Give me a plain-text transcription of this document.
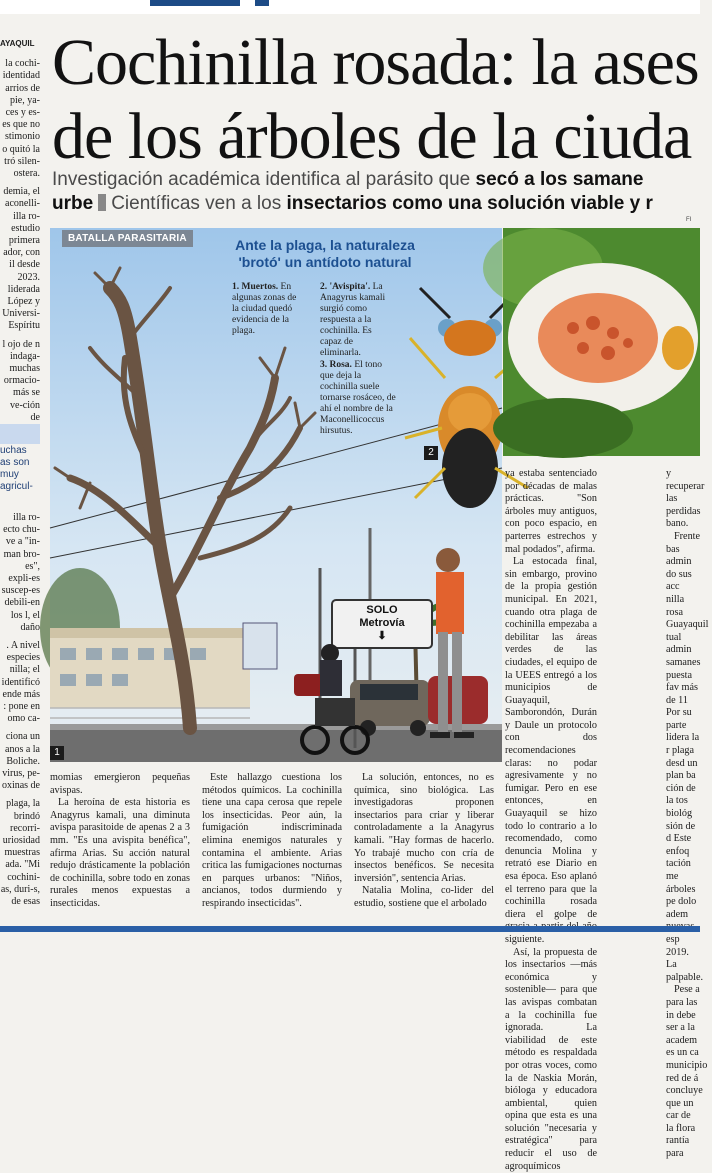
AYAQUIL

la cochi-identidad arrios de pie, ya-ces y es-es que no stimonio o quitó la tró silen-ostera.

demia, el aconelli-illa ro-estudio primera ador, con il desde 2023. liderada López y Universi-Espíritu

l ojo de n indaga-muchas ormacio-más se ve-ción de

uchas as son muy agricul-

illa ro-ecto chu-ve a "in-man bro-es", expli-es suscep-es debili-en los l, el daño

. A nivel especies nilla; el identificó ende más : pone en omo ca-

ciona un anos a la Boliche. virus, pe-oxinas de

plaga, la brindó recorri-uriosidad muestras ada. "Mi cochini-as, duri-s, de esas

Cochinilla rosada: la ases
de los árboles de la ciuda
Investigación académica identifica al parásito que secó a los samane
urbe Científicas ven a los insectarios como una solución viable y r
FI
BATALLA PARASITARIA	Ante la plaga, la naturaleza 'brotó' un antídoto natural
1. Muertos. En algunas zonas de la ciudad quedó evidencia de la plaga.
2. 'Avispita'. La Anagyrus kamali surgió como respuesta a la cochinilla. Es capaz de eliminarla.
3. Rosa. El tono que deja la cochinilla suele tornarse rosáceo, de ahí el nombre de la Maconellicoccus hirsutus.
SOLO
Metrovía
⬇
1
2

ya estaba sentenciado por décadas de malas prácticas. "Son árboles muy antiguos, con poco espacio, en parterres estrechos y mal podados", afirma.

La estocada final, sin embargo, provino de la propia gestión municipal. En 2021, cuando otra plaga de cochinilla empezaba a debilitar las áreas verdes de las ciudades, el equipo de la UEES entregó a los municipios de Guayaquil, Samborondón, Durán y Daule un protocolo con dos recomendaciones claras: no podar agresivamente y no fumigar. Pero en ese entonces, en Guayaquil se hizo todo lo contrario a lo recomendado, como denuncia Molina y retrató ese Diario en esa época. Eso aplanó el terreno para que la cochinilla rosada diera el golpe de siguiente.

Así, la propuesta de los insectarios —más económica y sostenible— para que las avispas combatan a la cochinilla fue ignorada. La viabilidad de este método es respaldada por otras voces, como la de Naskia Morán, bióloga y educadora ambiental, quien opina que esta es una solución "necesaria y estratégica" para reducir el uso de agroquímicos

y recuperar las perdidas bano.

Frente bas admin do sus acc nilla rosa Guayaquil tual admin samanes puesta fav más de 11 Por su parte lidera la r plaga desd un plan ba ción de la tos biológ sión de d Este enfoq tación me árboles pe dolo adem esp 2019. La palpable.

Pese a para las in debe ser a la academ es un ca municipio red de á concluye que un car de la flora rantía para

momias emergieron pequeñas avispas.

La heroína de esta historia es Anagyrus kamali, una diminuta avispa parasitoide de apenas 2 a 3 mm. "Es una avispita benéfica", afirma Arias. Su acción natural redujo drásticamente la población de cochinilla, sobre todo en zonas rurales menos expuestas a insecticidas.

Este hallazgo cuestiona los métodos químicos. La cochinilla tiene una capa cerosa que repele los insecticidas. Peor aún, la fumigación indiscriminada elimina enemigos naturales y contamina el ambiente. Arias critica las fumigaciones nocturnas en parques urbanos: "Niños, ancianos, todos durmiendo y respirando insecticidas".

La solución, entonces, no es química, sino biológica. Las investigadoras proponen insectarios para criar y liberar controladamente a la Anagyrus kamali. "Hay formas de hacerlo. Yo trabajé mucho con cría de insectos benéficos. Se necesita inversión", sentencia Arias.

Natalia Molina, co-lider del estudio, sostiene que el arbolado
